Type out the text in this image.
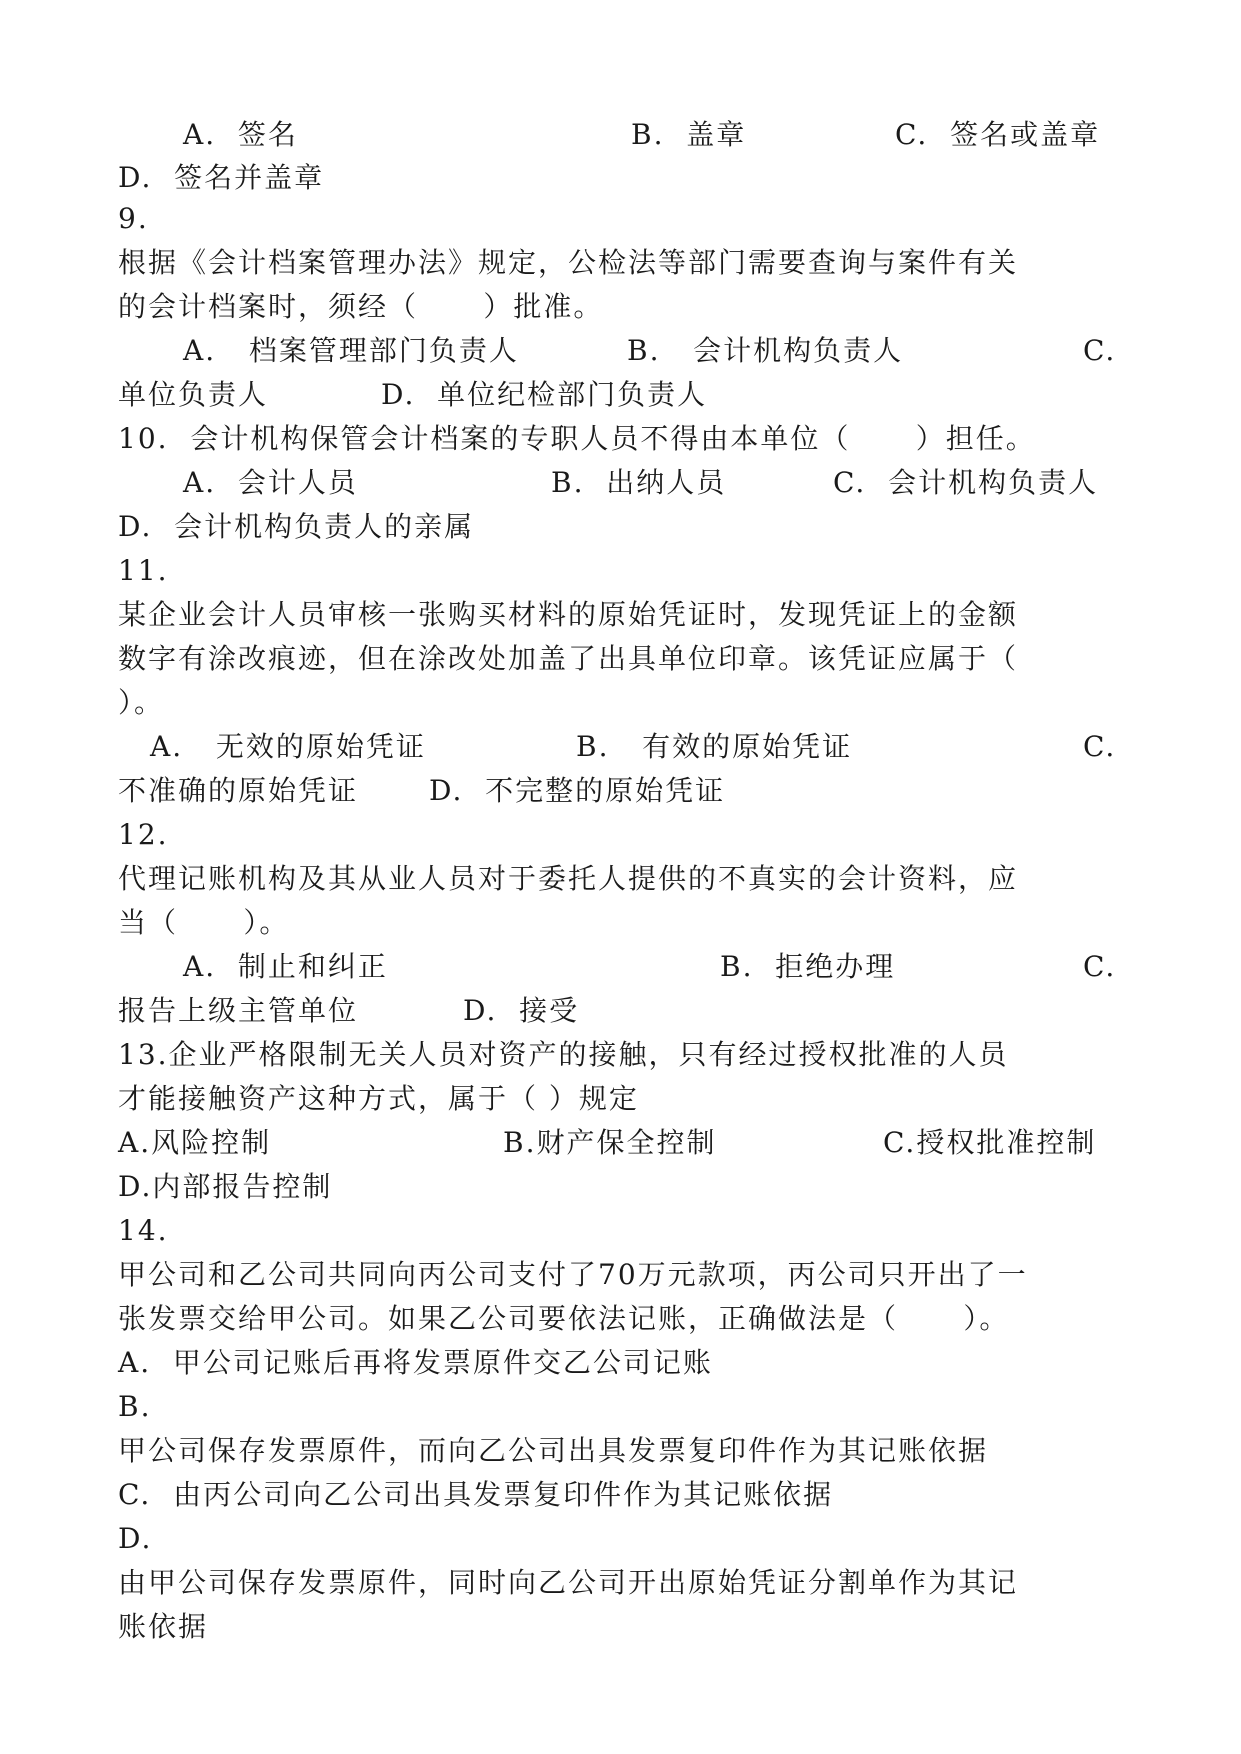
A.  签名	B.  盖章	C.  签名或盖章
D.  签名并盖章
9.
根据《会计档案管理办法》规定，公检法等部门需要查询与案件有关
的会计档案时，须经（      ）批准。
A.   档案管理部门负责人	B.   会计机构负责人	C.
单位负责人	D.  单位纪检部门负责人
10.  会计机构保管会计档案的专职人员不得由本单位（      ）担任。
A.  会计人员	B.  出纳人员	C.  会计机构负责人
D.  会计机构负责人的亲属
11.
某企业会计人员审核一张购买材料的原始凭证时，发现凭证上的金额
数字有涂改痕迹，但在涂改处加盖了出具单位印章。该凭证应属于（
）。
A.   无效的原始凭证	B.   有效的原始凭证	C.
不准确的原始凭证	D.  不完整的原始凭证
12.
代理记账机构及其从业人员对于委托人提供的不真实的会计资料，应
当（      ）。
A.  制止和纠正	B.  拒绝办理	C.
报告上级主管单位	D.  接受
13.企业严格限制无关人员对资产的接触，只有经过授权批准的人员
才能接触资产这种方式，属于（ ）规定
A.风险控制	B.财产保全控制	C.授权批准控制
D.内部报告控制
14.
甲公司和乙公司共同向丙公司支付了70万元款项，丙公司只开出了一
张发票交给甲公司。如果乙公司要依法记账，正确做法是（      ）。
A.  甲公司记账后再将发票原件交乙公司记账
B.
甲公司保存发票原件，而向乙公司出具发票复印件作为其记账依据
C.  由丙公司向乙公司出具发票复印件作为其记账依据
D.
由甲公司保存发票原件，同时向乙公司开出原始凭证分割单作为其记
账依据
